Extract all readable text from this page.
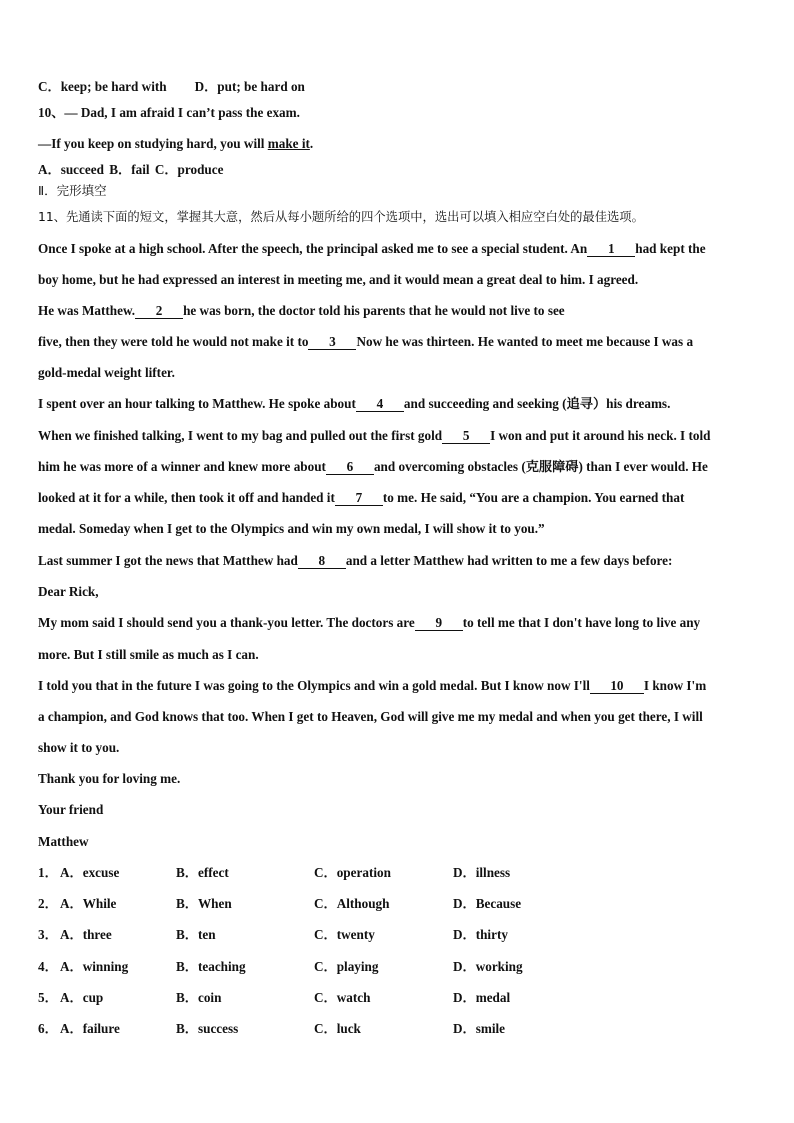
C．keep; be hard with D．put; be hard on
10、— Dad, I am afraid I can’t pass the exam.
—If you keep on studying hard, you will make it.
A．succeed B．fail C．produce
Ⅱ．完形填空
11、先通读下面的短文，掌握其大意，然后从每小题所给的四个选项中，选出可以填入相应空白处的最佳选项。
Once I spoke at a high school. After the speech, the principal asked me to see a special student. An 1 had kept the
boy home, but he had expressed an interest in meeting me, and it would mean a great deal to him. I agreed.
He was Matthew. 2 he was born, the doctor told his parents that he would not live to see
five, then they were told he would not make it to 3 Now he was thirteen. He wanted to meet me because I was a
gold-medal weight lifter.
I spent over an hour talking to Matthew. He spoke about 4 and succeeding and seeking (追寻）his dreams.
When we finished talking, I went to my bag and pulled out the first gold 5 I won and put it around his neck. I told
him he was more of a winner and knew more about 6 and overcoming obstacles (克服障碍) than I ever would. He
looked at it for a while, then took it off and handed it 7 to me. He said, “You are a champion. You earned that
medal. Someday when I get to the Olympics and win my own medal, I will show it to you.”
Last summer I got the news that Matthew had 8 and a letter Matthew had written to me a few days before:
Dear Rick,
My mom said I should send you a thank-you letter. The doctors are 9 to tell me that I don't have long to live any
more. But I still smile as much as I can.
I told you that in the future I was going to the Olympics and win a gold medal. But I know now I'll 10 I know I'm
a champion, and God knows that too. When I get to Heaven, God will give me my medal and when you get there, I will
show it to you.
Thank you for loving me.
Your friend
Matthew
1． A．excuse	B．effect	C．operation	D．illness
2． A．While	B．When	C．Although	D．Because
3． A．three	B．ten	C．twenty	D．thirty
4． A．winning	B．teaching	C．playing	D．working
5． A．cup	B．coin	C．watch	D．medal
6． A．failure	B．success	C．luck	D．smile
